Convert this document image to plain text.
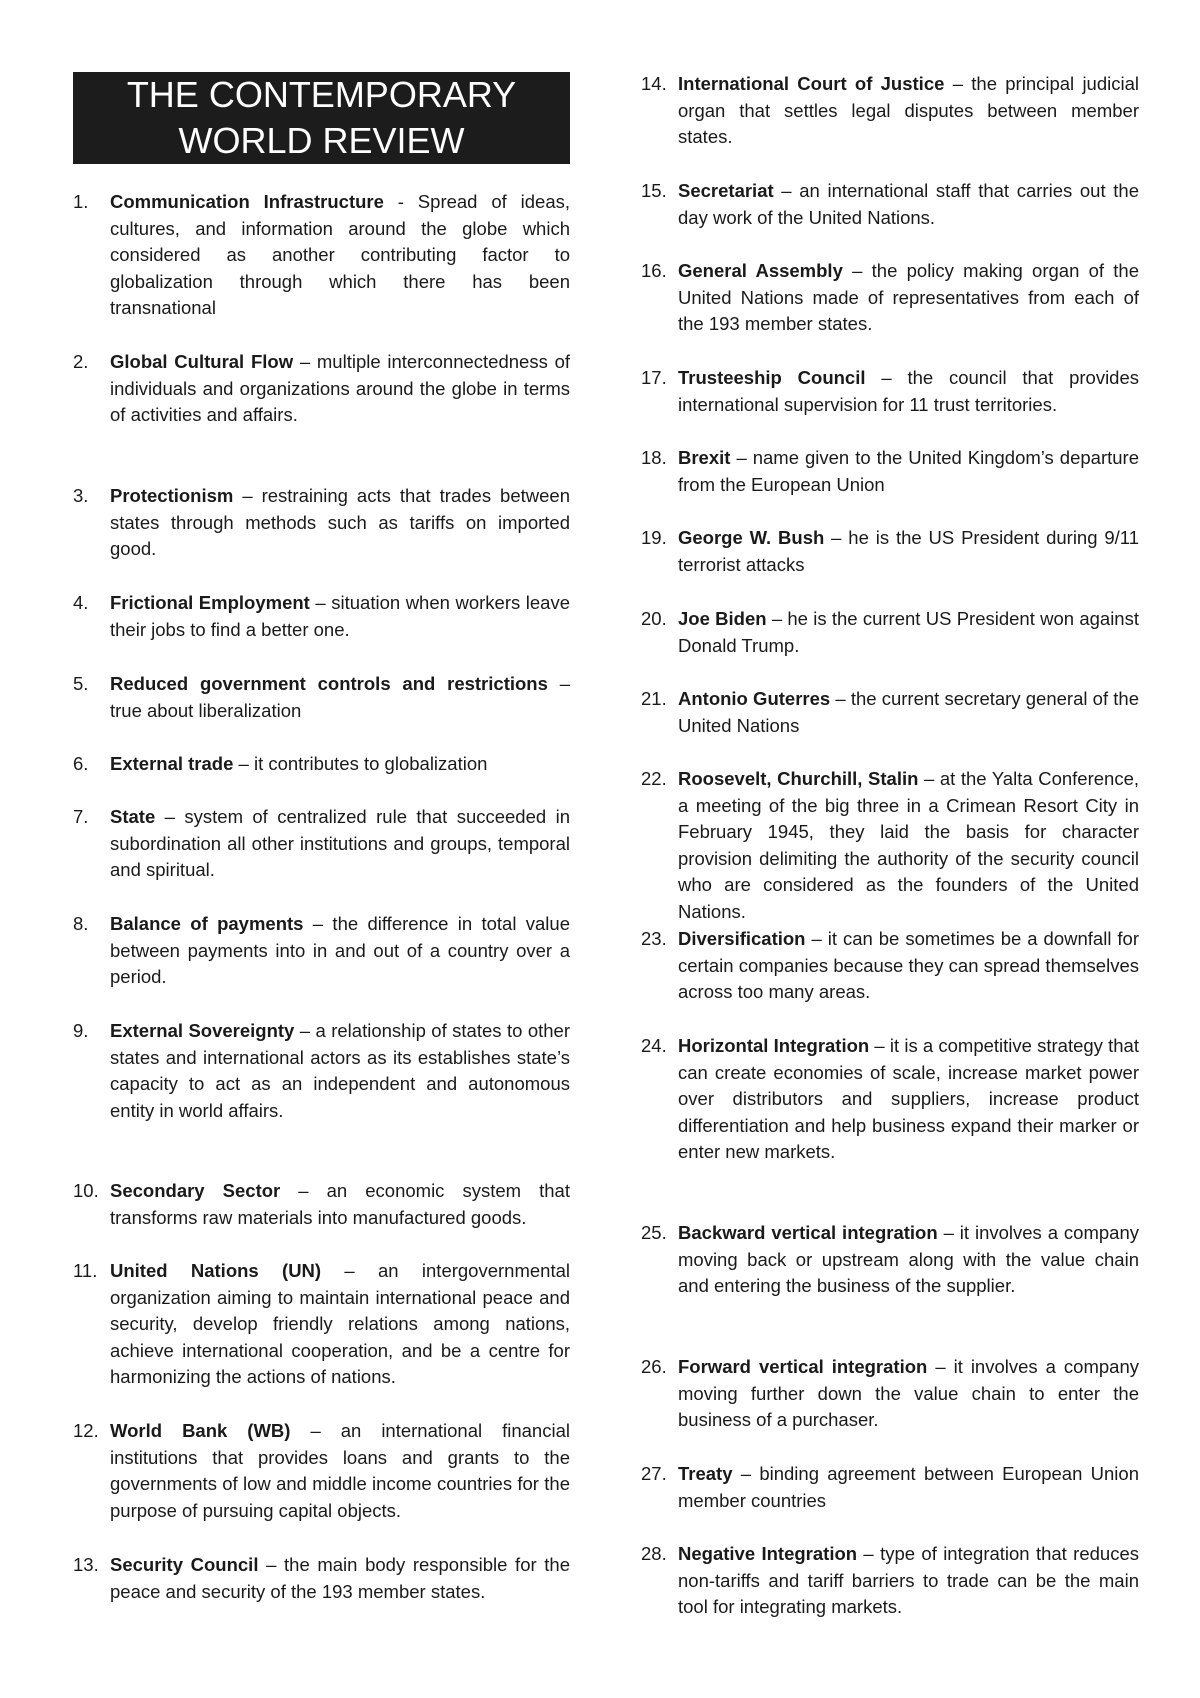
THE CONTEMPORARY
WORLD REVIEW
1. Communication Infrastructure - Spread of ideas, cultures, and information around the globe which considered as another contributing factor to globalization through which there has been transnational
2. Global Cultural Flow – multiple interconnectedness of individuals and organizations around the globe in terms of activities and affairs.
3. Protectionism – restraining acts that trades between states through methods such as tariffs on imported good.
4. Frictional Employment – situation when workers leave their jobs to find a better one.
5. Reduced government controls and restrictions – true about liberalization
6. External trade – it contributes to globalization
7. State – system of centralized rule that succeeded in subordination all other institutions and groups, temporal and spiritual.
8. Balance of payments – the difference in total value between payments into in and out of a country over a period.
9. External Sovereignty – a relationship of states to other states and international actors as its establishes state’s capacity to act as an independent and autonomous entity in world affairs.
10. Secondary Sector – an economic system that transforms raw materials into manufactured goods.
11. United Nations (UN) – an intergovernmental organization aiming to maintain international peace and security, develop friendly relations among nations, achieve international cooperation, and be a centre for harmonizing the actions of nations.
12. World Bank (WB) – an international financial institutions that provides loans and grants to the governments of low and middle income countries for the purpose of pursuing capital objects.
13. Security Council – the main body responsible for the peace and security of the 193 member states.
14. International Court of Justice – the principal judicial organ that settles legal disputes between member states.
15. Secretariat – an international staff that carries out the day work of the United Nations.
16. General Assembly – the policy making organ of the United Nations made of representatives from each of the 193 member states.
17. Trusteeship Council – the council that provides international supervision for 11 trust territories.
18. Brexit – name given to the United Kingdom’s departure from the European Union
19. George W. Bush – he is the US President during 9/11 terrorist attacks
20. Joe Biden – he is the current US President won against Donald Trump.
21. Antonio Guterres – the current secretary general of the United Nations
22. Roosevelt, Churchill, Stalin – at the Yalta Conference, a meeting of the big three in a Crimean Resort City in February 1945, they laid the basis for character provision delimiting the authority of the security council who are considered as the founders of the United Nations.
23. Diversification – it can be sometimes be a downfall for certain companies because they can spread themselves across too many areas.
24. Horizontal Integration – it is a competitive strategy that can create economies of scale, increase market power over distributors and suppliers, increase product differentiation and help business expand their marker or enter new markets.
25. Backward vertical integration – it involves a company moving back or upstream along with the value chain and entering the business of the supplier.
26. Forward vertical integration – it involves a company moving further down the value chain to enter the business of a purchaser.
27. Treaty – binding agreement between European Union member countries
28. Negative Integration – type of integration that reduces non-tariffs and tariff barriers to trade can be the main tool for integrating markets.
